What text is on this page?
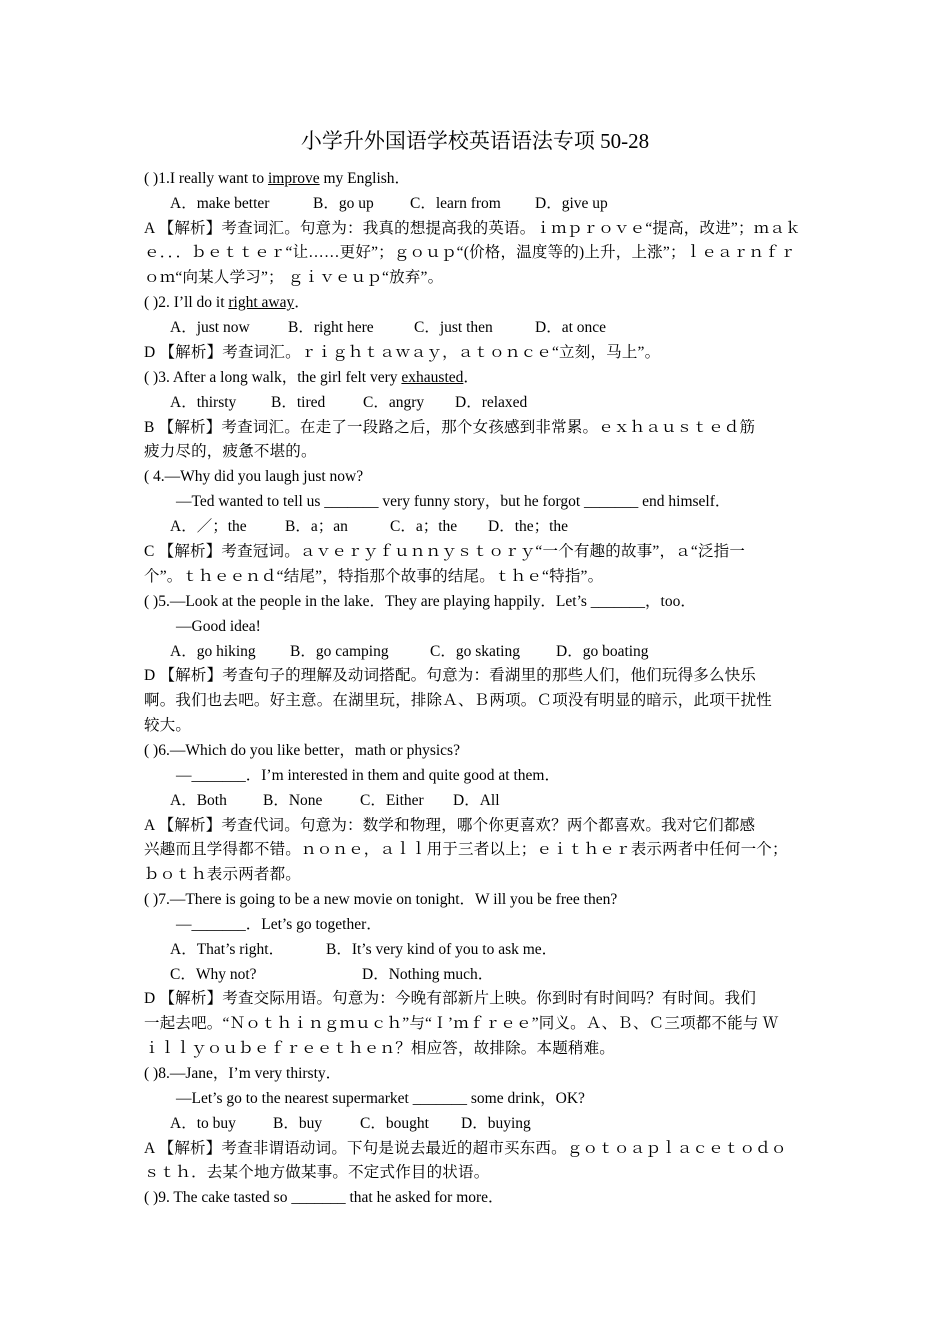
小学升外国语学校英语语法专项 50-28
( )1.I really want to improve my English．
A．make better	B．go up C．learn from D．give up
A 【解析】考查词汇。句意为：我真的想提高我的英语。ｉｍｐｒｏｖｅ“提高，改进”；ｍａｋ
ｅ．．．ｂｅｔｔｅｒ“让……更好”；ｇｏｕｐ“(价格，温度等的)上升，上涨”；ｌｅａｒｎｆｒ
ｏｍ“向某人学习”； ｇｉｖｅｕｐ“放弃”。
( )2. I’ll do it right away．
A．just now B．right here	C．just then	D．at once
D 【解析】考查词汇。ｒｉｇｈｔａｗａｙ，ａｔｏｎｃｅ“立刻，马上”。
( )3. After a long walk，the girl felt very exhausted．
A．thirsty B．tired C．angry D．relaxed
B 【解析】考查词汇。在走了一段路之后，那个女孩感到非常累。ｅｘｈａｕｓｔｅｄ筋
疲力尽的，疲惫不堪的。
( 4.—Why did you laugh just now?
—Ted wanted to tell us _______ very funny story，but he forgot _______ end himself．
A．／；the B．a；an	C．a；the D．the；the
C 【解析】考查冠词。ａｖｅｒｙｆｕｎｎｙｓｔｏｒｙ“一个有趣的故事”，ａ“泛指一
个”。ｔｈｅｅｎｄ“结尾”，特指那个故事的结尾。ｔｈｅ“特指”。
( )5.—Look at the people in the lake．They are playing happily．Let’s _______，too．
—Good idea!
A．go hiking B．go camping	C．go skating D．go boating
D 【解析】考查句子的理解及动词搭配。句意为：看湖里的那些人们，他们玩得多么快乐
啊。我们也去吧。好主意。在湖里玩，排除Ａ、Ｂ两项。Ｃ项没有明显的暗示，此项干扰性
较大。
( )6.—Which do you like better，math or physics?
—_______．I’m interested in them and quite good at them．
A．Both B．None C．Either D．All
A 【解析】考查代词。句意为：数学和物理，哪个你更喜欢？两个都喜欢。我对它们都感
兴趣而且学得都不错。ｎｏｎｅ，ａｌｌ用于三者以上；ｅｉｔｈｅｒ表示两者中任何一个；
ｂｏｔｈ表示两者都。
( )7.—There is going to be a new movie on tonight．W ill you be free then?
—_______．Let’s go together．
A．That’s right．	B．It’s very kind of you to ask me．
C．Why not?	D．Nothing much．
D 【解析】考查交际用语。句意为：今晚有部新片上映。你到时有时间吗？有时间。我们
一起去吧。“Ｎｏｔｈｉｎｇｍｕｃｈ”与“Ｉ’ｍｆｒｅｅ”同义。Ａ、Ｂ、Ｃ三项都不能与 Ｗ
ｉｌｌｙｏｕｂｅｆｒｅｅｔｈｅｎ？相应答，故排除。本题稍难。
( )8.—Jane，I’m very thirsty．
—Let’s go to the nearest supermarket _______ some drink，OK?
A．to buy B．buy C．bought D．buying
A 【解析】考查非谓语动词。下句是说去最近的超市买东西。ｇｏｔｏａｐｌａｃｅｔｏｄｏ
ｓｔｈ．去某个地方做某事。不定式作目的状语。
( )9. The cake tasted so _______ that he asked for more．
